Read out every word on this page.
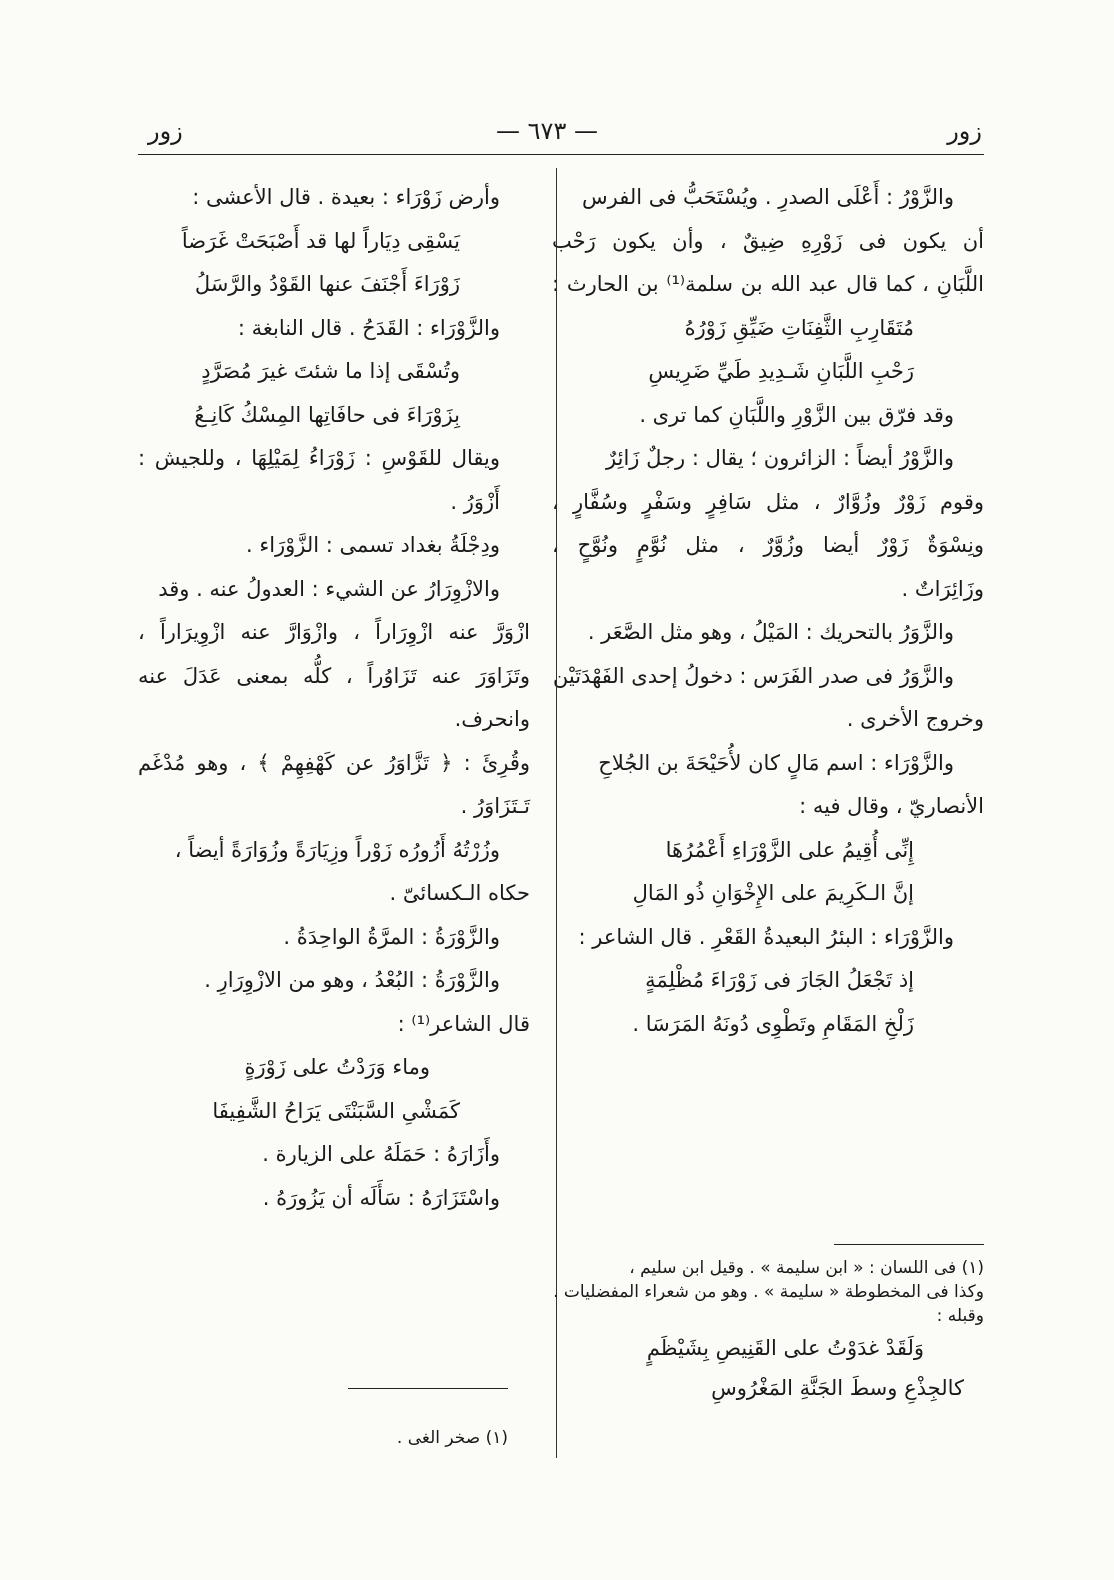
زور
— ٦٧٣ —
زور

والزَّوْرُ : أَعْلَى الصدرِ . ويُسْتَحَبُّ فى الفرس

أن يكون فى زَوْرِهِ ضِيقٌ ، وأن يكون رَحْب

اللَّبَانِ ، كما قال عبد الله بن سلمة⁽¹⁾ بن الحارث :

مُتَقَارِبِ الثَّفِنَاتِ ضَيِّقِ زَوْرُهُ

رَحْبِ اللَّبَانِ شَـدِيدِ طَيِّ ضَرِيسِ

وقد فرّق بين الزَّوْرِ واللَّبَانِ كما ترى .

والزَّوْرُ أيضاً : الزائرون ؛ يقال : رجلٌ زَائِرٌ

وقوم زَوْرٌ وزُوَّارٌ ، مثل سَافِرٍ وسَفْرٍ وسُفَّارٍ ،

ونِسْوَةٌ زَوْرٌ أيضا وزُوَّرٌ ، مثل نُوَّمٍ ونُوَّحٍ ،

وزَائِرَاتٌ .

والزَّوَرُ بالتحريك : المَيْلُ ، وهو مثل الصَّعَر .

والزَّوَرُ فى صدر الفَرَس : دخولُ إحدى الفَهْدَتَيْن

وخروج الأخرى .

والزَّوْرَاء : اسم مَالٍ كان لأُحَيْحَةَ بن الجُلاحِ

الأنصاريّ ، وقال فيه :

إِنِّى أُقِيمُ على الزَّوْرَاءِ أَعْمُرُهَا

إنَّ الـكَرِيمَ على الإِخْوَانِ ذُو المَالِ

والزَّوْرَاء : البئرُ البعيدةُ القَعْرِ . قال الشاعر :

إذ تَجْعَلُ الجَارَ فى زَوْرَاءَ مُظْلِمَةٍ

زَلْخِ المَقَامِ وتَطْوِى دُونَهُ المَرَسَا .

وأرض زَوْرَاء : بعيدة . قال الأعشى :

يَسْقِى دِيَاراً لها قد أَصْبَحَتْ غَرَضاً

زَوْرَاءَ أَجْنَفَ عنها القَوْدُ والرَّسَلُ

والزَّوْرَاء : القَدَحُ . قال النابغة :

وتُسْقَى إذا ما شئتَ غيرَ مُصَرَّدٍ

بِزَوْرَاءَ فى حافَاتِها المِسْكُ كَانِـعُ

ويقال للقَوْسِ : زَوْرَاءُ لِمَيْلِهَا ، وللجيش : أَزْوَرُ .

ودِجْلَةُ بغداد تسمى : الزَّوْرَاء .

والازْوِرَارُ عن الشيء : العدولُ عنه . وقد

ازْوَرَّ عنه ازْوِرَاراً ، وازْوَارَّ عنه ازْوِيرَاراً ،

وتَزَاوَرَ عنه تَزَاوُراً ، كلُّه بمعنى عَدَلَ عنه وانحرف.

وقُرِئَ : ﴿ تَزَّاوَرُ عن كَهْفِهِمْ ﴾ ، وهو مُدْغَم

تَـتَزَاوَرُ .

وزُرْتُهُ أَزُورُه زَوْراً وزِيَارَةً وزُوَارَةً أيضاً ،

حكاه الـكسائىّ .

والزَّوْرَةُ : المرَّةُ الواحِدَةُ .

والزَّوْرَةُ : البُعْدُ ، وهو من الازْوِرَارِ .

قال الشاعر⁽¹⁾ :

وماء وَرَدْتُ على زَوْرَةٍ

كَمَشْىِ السَّبَنْتَى يَرَاحُ الشَّفِيفَا

وأَزَارَهُ : حَمَلَهُ على الزيارة .

واسْتَزَارَهُ : سَأَلَه أن يَزُورَهُ .

(١) فى اللسان : « ابن سليمة » . وقيل ابن سليم ،

وكذا فى المخطوطة « سليمة » . وهو من شعراء المفضليات .

وقبله :

وَلَقَدْ غدَوْتُ على القَنِيصِ بِشَيْظَمٍ

كالجِذْعِ وسطَ الجَنَّةِ المَغْرُوسِ

(١) صخر الغى .
